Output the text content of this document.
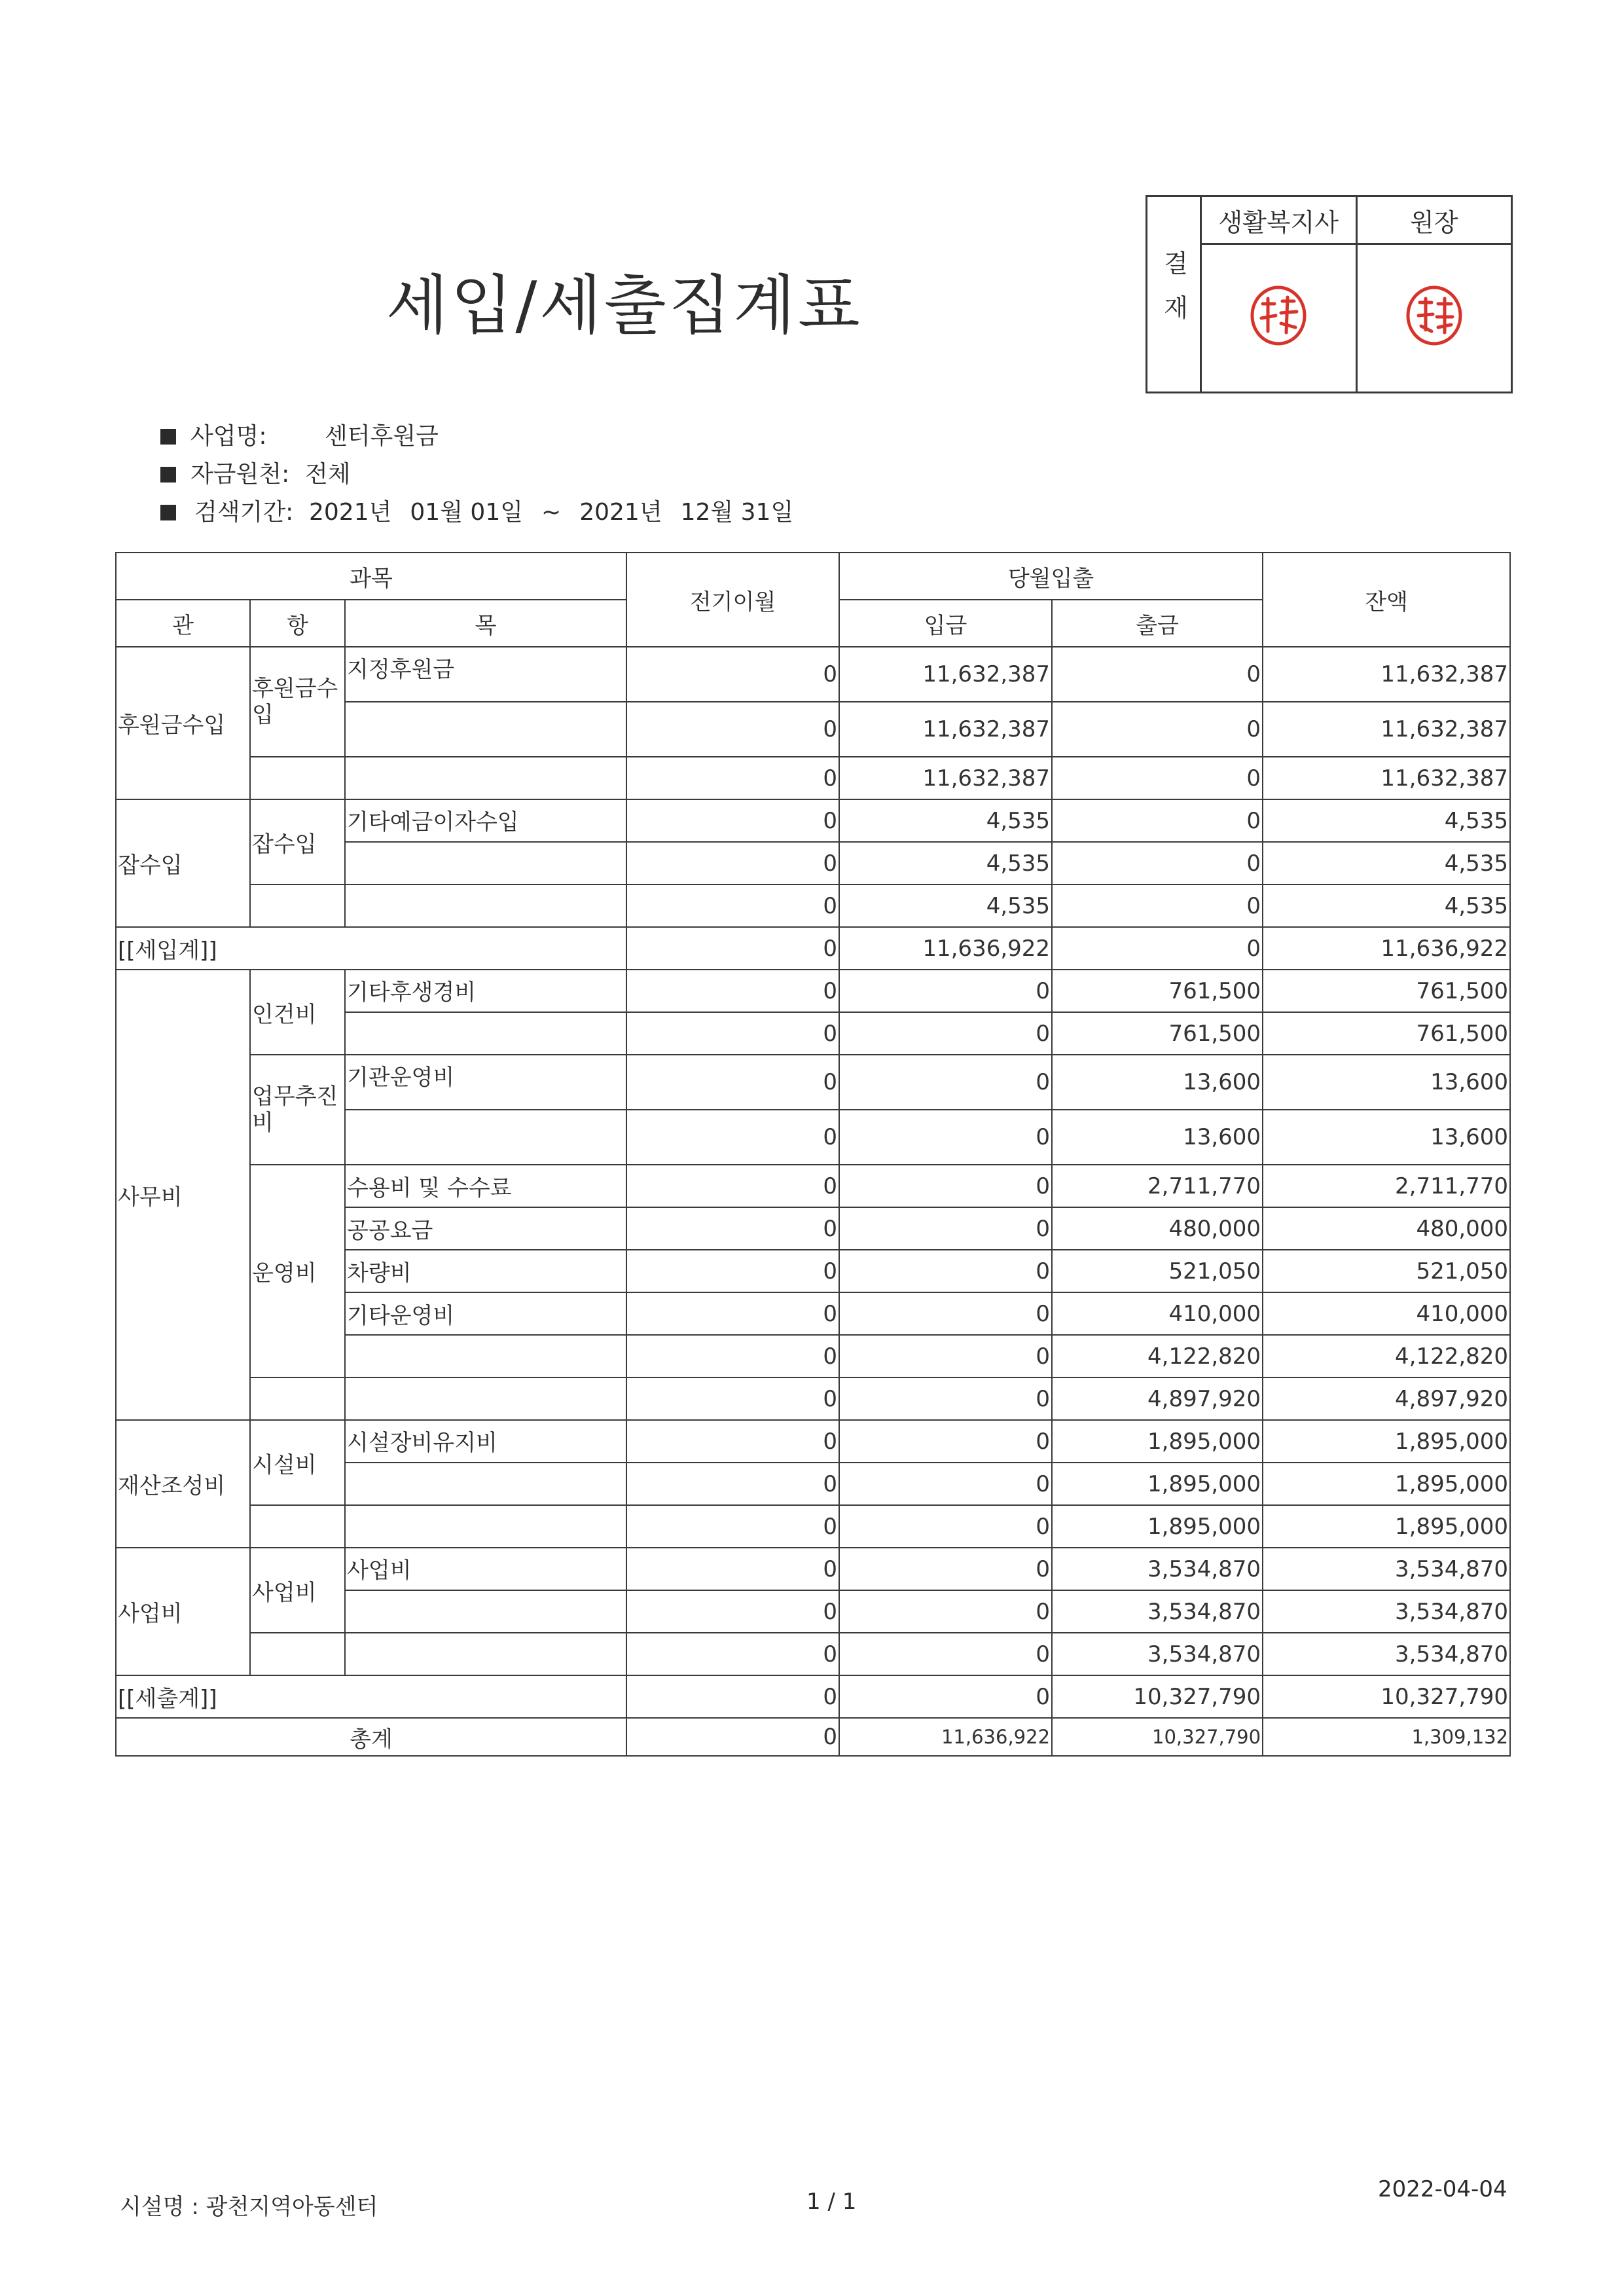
세입/세출집계표	결재	생활복지사	원장

사업명:	센터후원금
자금원천: 전체
검색기간: 2021년 01월 01일 ~ 2021년 12월 31일
과목			전기이월	당월입출		잔액
관	항	목		입금	출금	
후원금수입	후원금수입	지정후원금	0	11,632,387	0	11,632,387
			0	11,632,387	0	11,632,387
			0	11,632,387	0	11,632,387
잡수입	잡수입	기타예금이자수입	0	4,535	0	4,535
			0	4,535	0	4,535
			0	4,535	0	4,535
[[세입계]]			0	11,636,922	0	11,636,922
사무비	인건비	기타후생경비	0	0	761,500	761,500
			0	0	761,500	761,500
	업무추진비	기관운영비	0	0	13,600	13,600
			0	0	13,600	13,600
	운영비	수용비 및 수수료	0	0	2,711,770	2,711,770
		공공요금	0	0	480,000	480,000
		차량비	0	0	521,050	521,050
		기타운영비	0	0	410,000	410,000
			0	0	4,122,820	4,122,820
			0	0	4,897,920	4,897,920
재산조성비	시설비	시설장비유지비	0	0	1,895,000	1,895,000
			0	0	1,895,000	1,895,000
			0	0	1,895,000	1,895,000
사업비	사업비	사업비	0	0	3,534,870	3,534,870
			0	0	3,534,870	3,534,870
			0	0	3,534,870	3,534,870
[[세출계]]			0	0	10,327,790	10,327,790
총계			0	11,636,922	10,327,790	1,309,132
시설명 : 광천지역아동센터	1 / 1	2022-04-04
